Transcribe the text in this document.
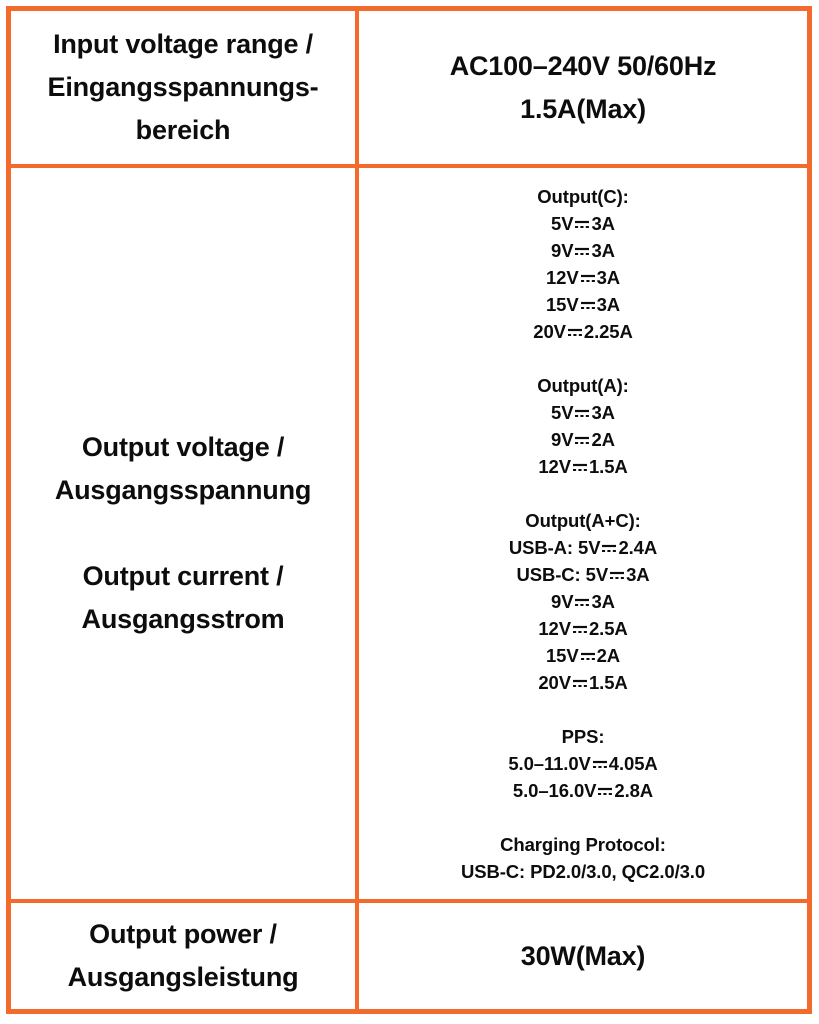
Input voltage range /
Eingangsspannungs-
bereich
AC100–240V 50/60Hz
1.5A(Max)
Output voltage /
Ausgangsspannung
Output current /
Ausgangsstrom
Output(C):
5V 3A
9V 3A
12V 3A
15V 3A
20V 2.25A
Output(A):
5V 3A
9V 2A
12V 1.5A
Output(A+C):
USB-A: 5V 2.4A
USB-C: 5V 3A
9V 3A
12V 2.5A
15V 2A
20V 1.5A
PPS:
5.0–11.0V 4.05A
5.0–16.0V 2.8A
Charging Protocol:
USB-C: PD2.0/3.0, QC2.0/3.0
Output power /
Ausgangsleistung
30W(Max)
